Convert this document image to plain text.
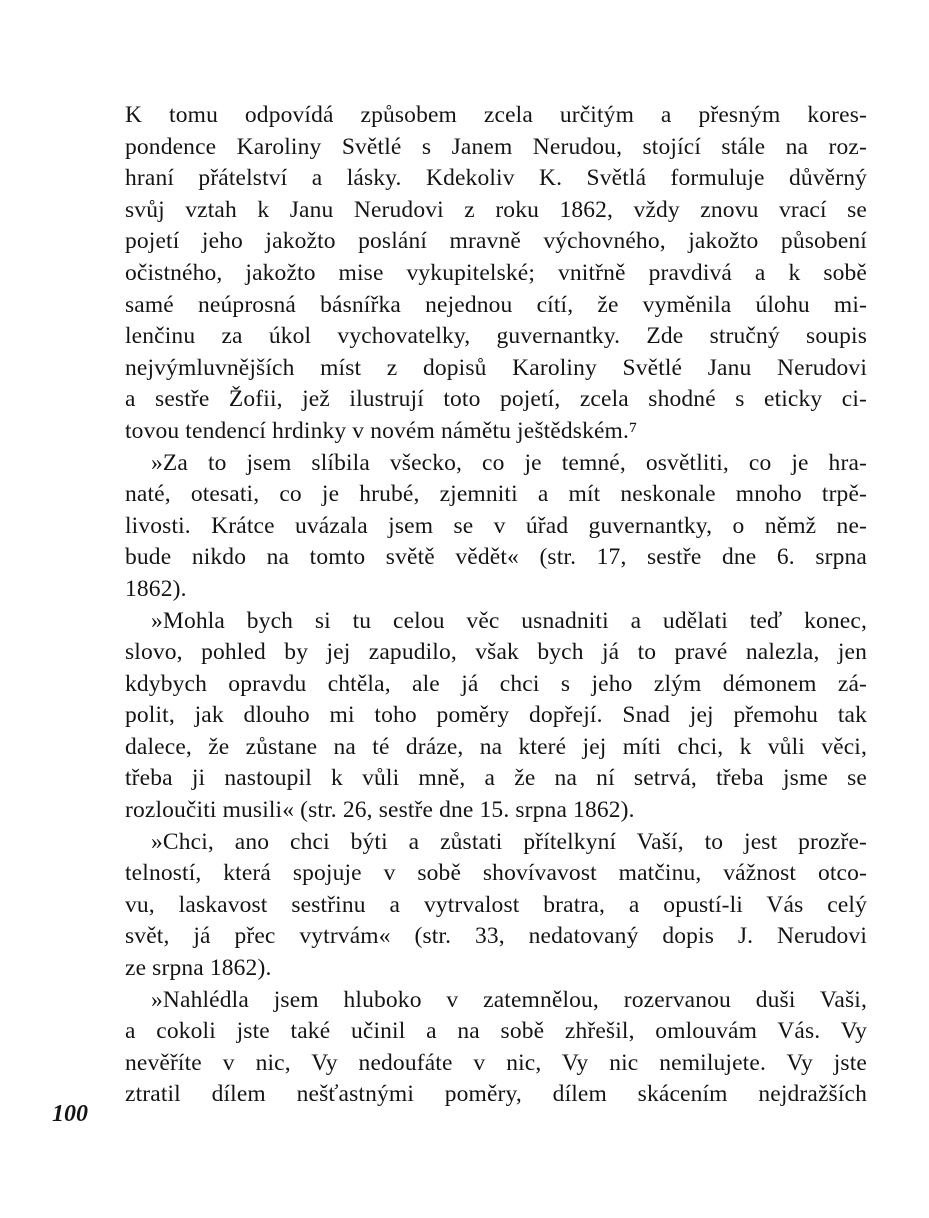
K tomu odpovídá způsobem zcela určitým a přesným kores-
pondence Karoliny Světlé s Janem Nerudou, stojící stále na roz-
hraní přátelství a lásky. Kdekoliv K. Světlá formuluje důvěrný
svůj vztah k Janu Nerudovi z roku 1862, vždy znovu vrací se
pojetí jeho jakožto poslání mravně výchovného, jakožto působení
očistného, jakožto mise vykupitelské; vnitřně pravdivá a k sobě
samé neúprosná básnířka nejednou cítí, že vyměnila úlohu mi-
lenčinu za úkol vychovatelky, guvernantky. Zde stručný soupis
nejvýmluvnějších míst z dopisů Karoliny Světlé Janu Nerudovi
a sestře Žofii, jež ilustrují toto pojetí, zcela shodné s eticky ci-
tovou tendencí hrdinky v novém námětu ještědském.⁷
»Za to jsem slíbila všecko, co je temné, osvětliti, co je hra-
naté, otesati, co je hrubé, zjemniti a mít neskonale mnoho trpě-
livosti. Krátce uvázala jsem se v úřad guvernantky, o němž ne-
bude nikdo na tomto světě vědět« (str. 17, sestře dne 6. srpna
1862).
»Mohla bych si tu celou věc usnadniti a udělati teď konec,
slovo, pohled by jej zapudilo, však bych já to pravé nalezla, jen
kdybych opravdu chtěla, ale já chci s jeho zlým démonem zá-
polit, jak dlouho mi toho poměry dopřejí. Snad jej přemohu tak
dalece, že zůstane na té dráze, na které jej míti chci, k vůli věci,
třeba ji nastoupil k vůli mně, a že na ní setrvá, třeba jsme se
rozloučiti musili« (str. 26, sestře dne 15. srpna 1862).
»Chci, ano chci býti a zůstati přítelkyní Vaší, to jest prozře-
telností, která spojuje v sobě shovívavost matčinu, vážnost otco-
vu, laskavost sestřinu a vytrvalost bratra, a opustí-li Vás celý
svět, já přec vytrvám« (str. 33, nedatovaný dopis J. Nerudovi
ze srpna 1862).
»Nahlédla jsem hluboko v zatemnělou, rozervanou duši Vaši,
a cokoli jste také učinil a na sobě zhřešil, omlouvám Vás. Vy
nevěříte v nic, Vy nedoufáte v nic, Vy nic nemilujete. Vy jste
ztratil dílem nešťastnými poměry, dílem skácením nejdražších
100
